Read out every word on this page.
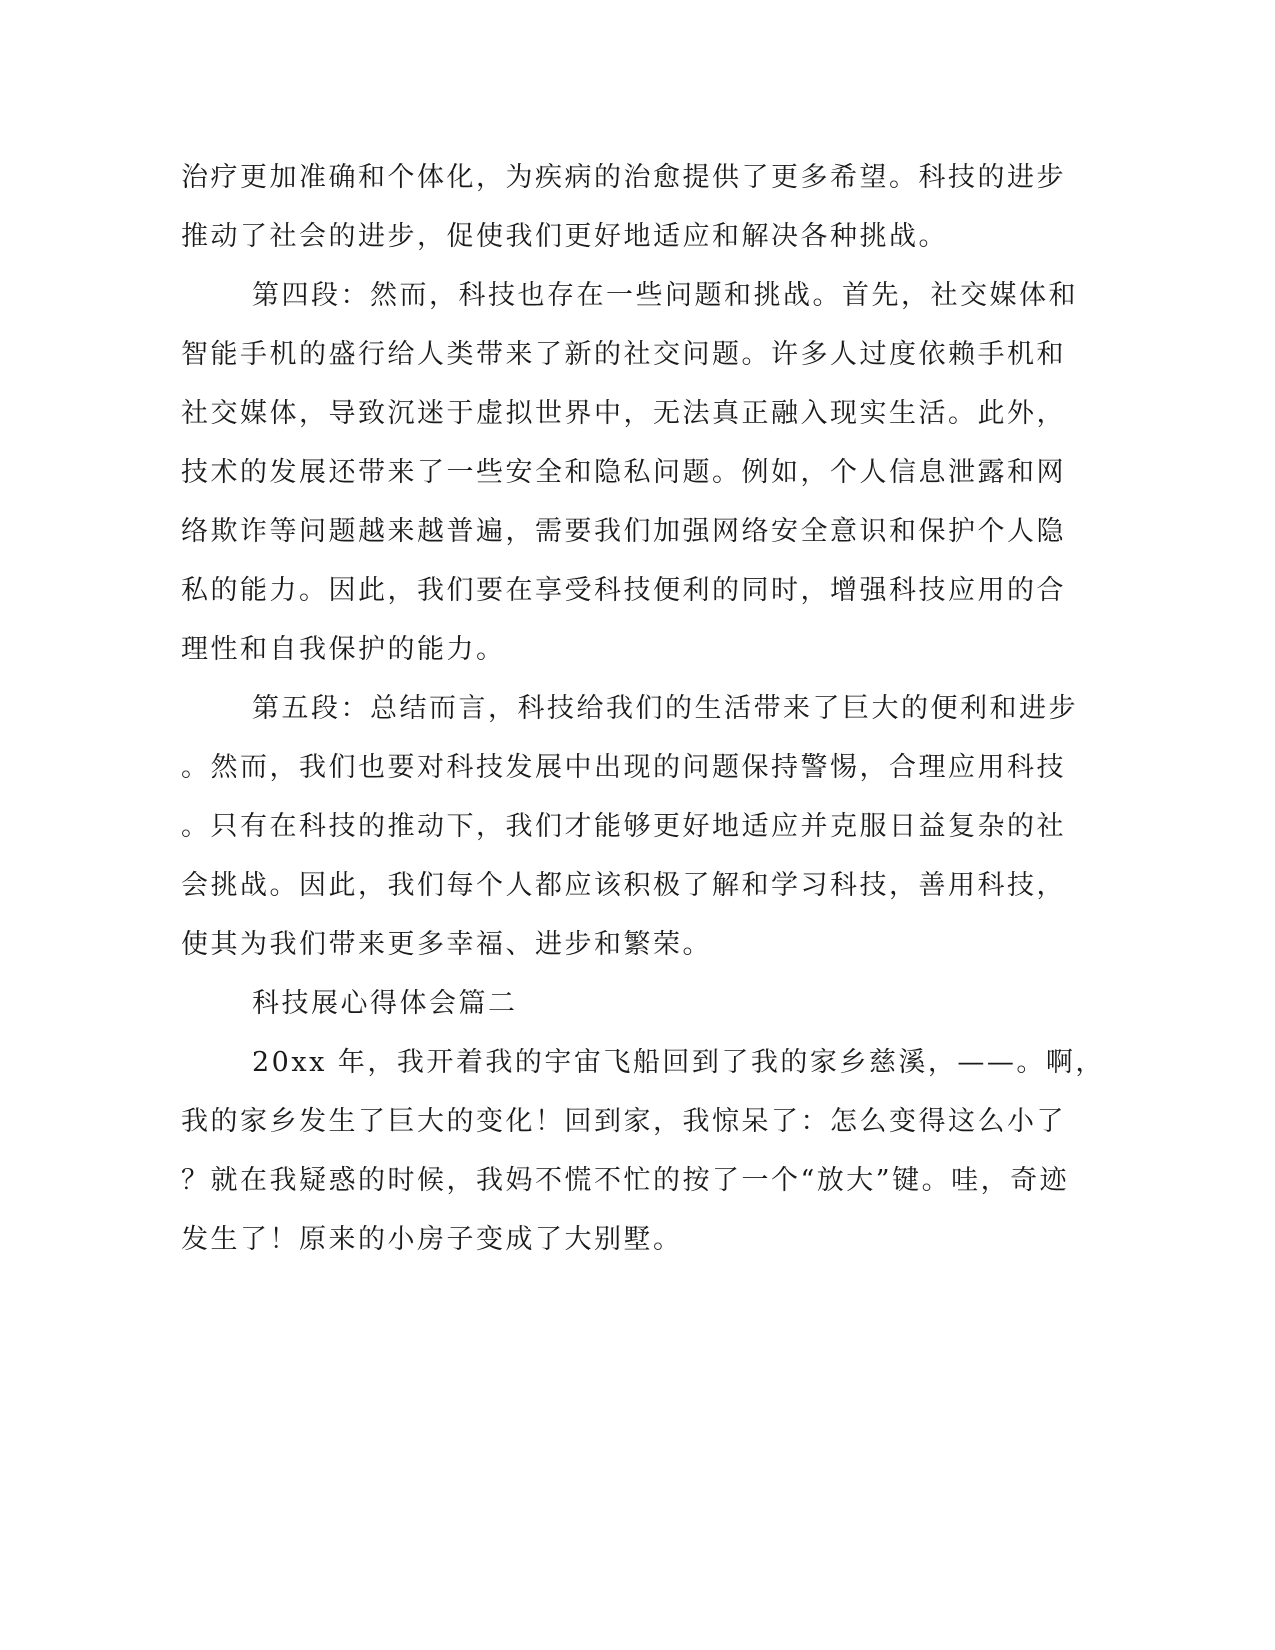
治疗更加准确和个体化，为疾病的治愈提供了更多希望。科技的进步
推动了社会的进步，促使我们更好地适应和解决各种挑战。
第四段：然而，科技也存在一些问题和挑战。首先，社交媒体和
智能手机的盛行给人类带来了新的社交问题。许多人过度依赖手机和
社交媒体，导致沉迷于虚拟世界中，无法真正融入现实生活。此外，
技术的发展还带来了一些安全和隐私问题。例如，个人信息泄露和网
络欺诈等问题越来越普遍，需要我们加强网络安全意识和保护个人隐
私的能力。因此，我们要在享受科技便利的同时，增强科技应用的合
理性和自我保护的能力。
第五段：总结而言，科技给我们的生活带来了巨大的便利和进步
。然而，我们也要对科技发展中出现的问题保持警惕，合理应用科技
。只有在科技的推动下，我们才能够更好地适应并克服日益复杂的社
会挑战。因此，我们每个人都应该积极了解和学习科技，善用科技，
使其为我们带来更多幸福、进步和繁荣。
科技展心得体会篇二
20xx 年，我开着我的宇宙飞船回到了我的家乡慈溪，——。啊，
我的家乡发生了巨大的变化！回到家，我惊呆了：怎么变得这么小了
？就在我疑惑的时候，我妈不慌不忙的按了一个“放大”键。哇，奇迹
发生了！原来的小房子变成了大别墅。
